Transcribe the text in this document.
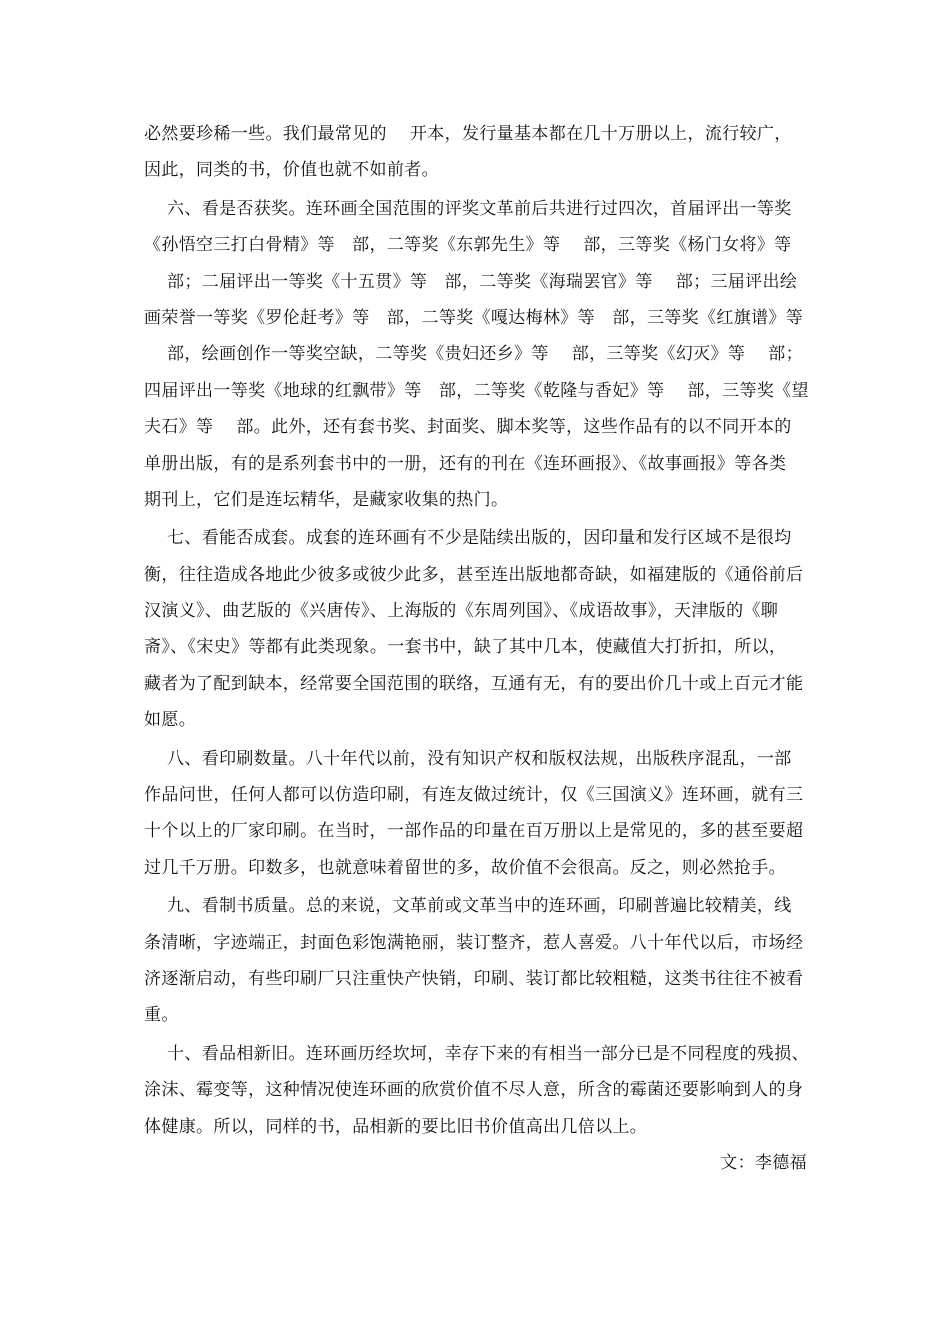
必然要珍稀一些。我们最常见的    开本，发行量基本都在几十万册以上，流行较广，
因此，同类的书，价值也就不如前者。
六、看是否获奖。连环画全国范围的评奖文革前后共进行过四次，首届评出一等奖
《孙悟空三打白骨精》等   部，二等奖《东郭先生》等    部，三等奖《杨门女将》等
部；二届评出一等奖《十五贯》等   部，二等奖《海瑞罢官》等    部；三届评出绘
画荣誉一等奖《罗伦赶考》等   部，二等奖《嘎达梅林》等   部，三等奖《红旗谱》等
部，绘画创作一等奖空缺，二等奖《贵妇还乡》等    部，三等奖《幻灭》等    部；
四届评出一等奖《地球的红飘带》等   部，二等奖《乾隆与香妃》等    部，三等奖《望
夫石》等    部。此外，还有套书奖、封面奖、脚本奖等，这些作品有的以不同开本的
单册出版，有的是系列套书中的一册，还有的刊在《连环画报》、《故事画报》等各类
期刊上，它们是连坛精华，是藏家收集的热门。
七、看能否成套。成套的连环画有不少是陆续出版的，因印量和发行区域不是很均
衡，往往造成各地此少彼多或彼少此多，甚至连出版地都奇缺，如福建版的《通俗前后
汉演义》、曲艺版的《兴唐传》、上海版的《东周列国》、《成语故事》，天津版的《聊
斋》、《宋史》等都有此类现象。一套书中，缺了其中几本，使藏值大打折扣，所以，
藏者为了配到缺本，经常要全国范围的联络，互通有无，有的要出价几十或上百元才能
如愿。
八、看印刷数量。八十年代以前，没有知识产权和版权法规，出版秩序混乱，一部
作品问世，任何人都可以仿造印刷，有连友做过统计，仅《三国演义》连环画，就有三
十个以上的厂家印刷。在当时，一部作品的印量在百万册以上是常见的，多的甚至要超
过几千万册。印数多，也就意味着留世的多，故价值不会很高。反之，则必然抢手。
九、看制书质量。总的来说，文革前或文革当中的连环画，印刷普遍比较精美，线
条清晰，字迹端正，封面色彩饱满艳丽，装订整齐，惹人喜爱。八十年代以后，市场经
济逐渐启动，有些印刷厂只注重快产快销，印刷、装订都比较粗糙，这类书往往不被看
重。
十、看品相新旧。连环画历经坎坷，幸存下来的有相当一部分已是不同程度的残损、
涂沫、霉变等，这种情况使连环画的欣赏价值不尽人意，所含的霉菌还要影响到人的身
体健康。所以，同样的书，品相新的要比旧书价值高出几倍以上。
文：李德福
